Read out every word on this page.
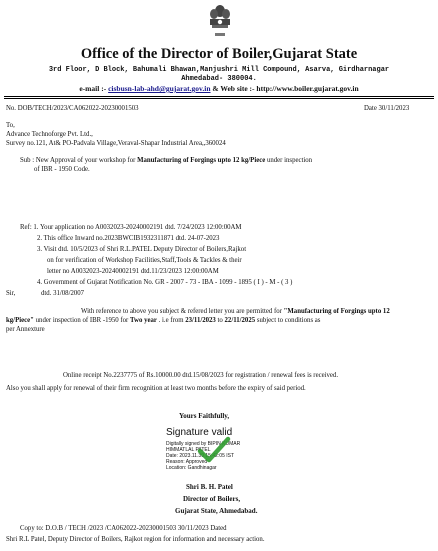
Office of the Director of Boiler,Gujarat State
3rd Floor, D Block, Bahumali Bhawan,Manjushri Mill Compound, Asarva, Girdharnagar
Ahmedabad- 380004.
e-mail :- cisbusn-lab-ahd@gujarat.gov.in & Web site :- http://www.boiler.gujarat.gov.in
No. DOB/TECH/2023/CA062022-20230001503	Date 30/11/2023
To,
Advance Technoforge Pvt. Ltd.,
Survey no.121, At& PO-Padvala Village,Veraval-Shapar Industrial Area,,360024
Sub : New Approval of your workshop for Manufacturing of Forgings upto 12 kg/Piece under inspection
of IBR - 1950 Code.
Ref: 1. Your application no A0032023-20240002191 dtd. 7/24/2023 12:00:00AM
2. This office Inward no.2023BWCIB1932311871 dtd. 24-07-2023
3. Visit dtd. 10/5/2023 of Shri R.L.PATEL Deputy Director of Boilers,Rajkot
on for verification of Workshop Facilities,Staff,Tools & Tackles & their
letter no A0032023-20240002191 dtd.11/23/2023 12:00:00AM
4. Government of Gujarat Notification No. GR - 2007 - 73 - IBA - 1099 - 1895 ( I ) - M - ( 3 )
Sir,	dtd. 31/08/2007
With reference to above you subject & refered letter you are permitted for "Manufacturing of Forgings upto 12
kg/Piece" under inspection of IBR -1950 for Two year . i.e from 23/11/2023 to 22/11/2025 subject to conditions as
per Annexture
Online receipt No.2237775 of Rs.10000.00 dtd.15/08/2023 for registration / renewal fees is received.
Also you shall apply for renewal of their firm recognition at least two months before the expiry of said period.
Yours Faithfully,
Signature valid
Digitally signed by BIPIN KUMAR
HIMMATLAL PATEL
Date: 2023.11.30 15:42:05 IST
Reason: Approved
Location: Gandhinagar
Shri B. H. Patel
Director of Boilers,
Gujarat State, Ahmedabad.
Copy to: D.O.B / TECH /2023 /CA062022-20230001503 30/11/2023 Dated
Shri R.L Patel, Deputy Director of Boilers, Rajkot region for information and necessary action.
